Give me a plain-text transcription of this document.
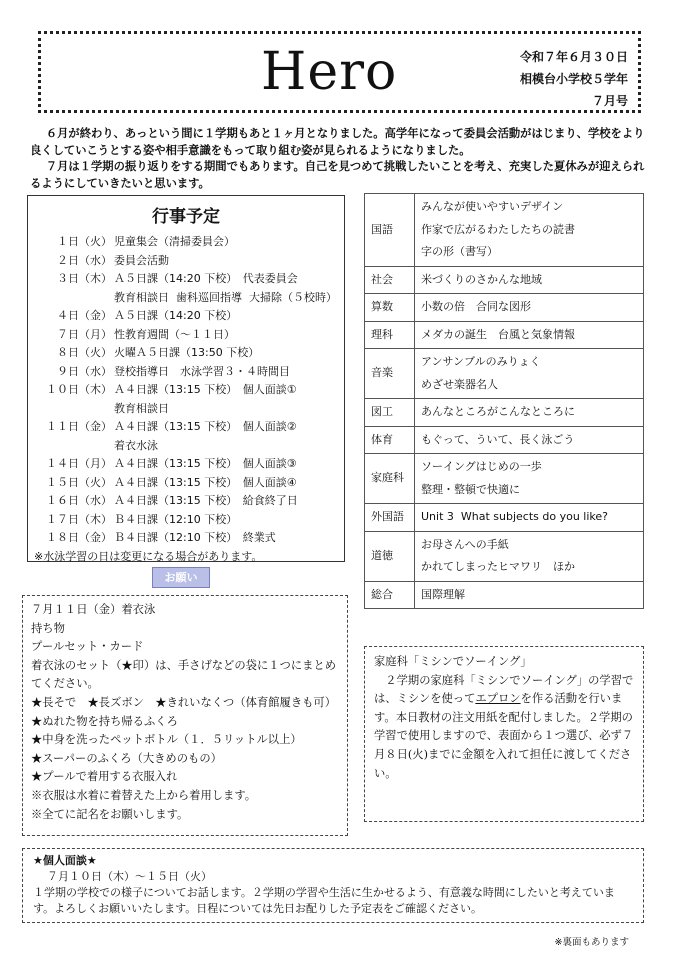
Hero	令和７年６月３０日
相模台小学校５学年
７月号

６月が終わり、あっという間に１学期もあと１ヶ月となりました。高学年になって委員会活動がはじまり、学校をより良くしていこうとする姿や相手意識をもって取り組む姿が見られるようになりました。

７月は１学期の振り返りをする期間でもあります。自己を見つめて挑戦したいことを考え、充実した夏休みが迎えられるようにしていきたいと思います。

行事予定
１日（火） 児童集会（清掃委員会）
２日（水） 委員会活動
３日（木） Ａ５日課（14:20 下校）　代表委員会
教育相談日  歯科巡回指導  大掃除（５校時）
４日（金） Ａ５日課（14:20 下校）
７日（月） 性教育週間（～１１日）
８日（火） 火曜Ａ５日課（13:50 下校）
９日（水） 登校指導日　水泳学習３・４時間目
１０日（木） Ａ４日課（13:15 下校）　個人面談①
教育相談日
１１日（金） Ａ４日課（13:15 下校）　個人面談②
着衣水泳
１４日（月） Ａ４日課（13:15 下校）　個人面談③
１５日（火） Ａ４日課（13:15 下校）　個人面談④
１６日（水） Ａ４日課（13:15 下校）　給食終了日
１７日（木） Ｂ４日課（12:10 下校）
１８日（金） Ｂ４日課（12:10 下校）　終業式
※水泳学習の日は変更になる場合があります。
お願い
７月１１日（金）着衣泳
持ち物
プールセット・カード
着衣泳のセット（★印）は、手さげなどの袋に１つにまとめてください。
★長そで　★長ズボン　★きれいなくつ（体育館履きも可）
★ぬれた物を持ち帰るふくろ
★中身を洗ったペットボトル（１．５リットル以上）
★スーパーのふくろ（大きめのもの）
★プールで着用する衣服入れ
※衣服は水着に着替えた上から着用します。
※全てに記名をお願いします。
国語	みんなが使いやすいデザイン
作家で広がるわたしたちの読書
字の形（書写）

社会	米づくりのさかんな地域

算数	小数の倍　合同な図形

理科	メダカの誕生　台風と気象情報

音楽	アンサンブルのみりょく
めざせ楽器名人

図工	あんなところがこんなところに

体育	もぐって、ういて、長く泳ごう

家庭科	ソーイングはじめの一歩
整理・整頓で快適に

外国語	Unit 3  What subjects do you like?

道徳	お母さんへの手紙
かれてしまったヒマワリ　ほか

総合	国際理解
家庭科「ミシンでソーイング」
２学期の家庭科「ミシンでソーイング」の学習では、ミシンを使ってエプロンを作る活動を行います。本日教材の注文用紙を配付しました。２学期の学習で使用しますので、表面から１つ選び、必ず７月８日(火)までに金額を入れて担任に渡してください。
★個人面談★
７月１０日（木）～１５日（火）
１学期の学校での様子についてお話します。２学期の学習や生活に生かせるよう、有意義な時間にしたいと考えています。よろしくお願いいたします。日程については先日お配りした予定表をご確認ください。
※裏面もあります
